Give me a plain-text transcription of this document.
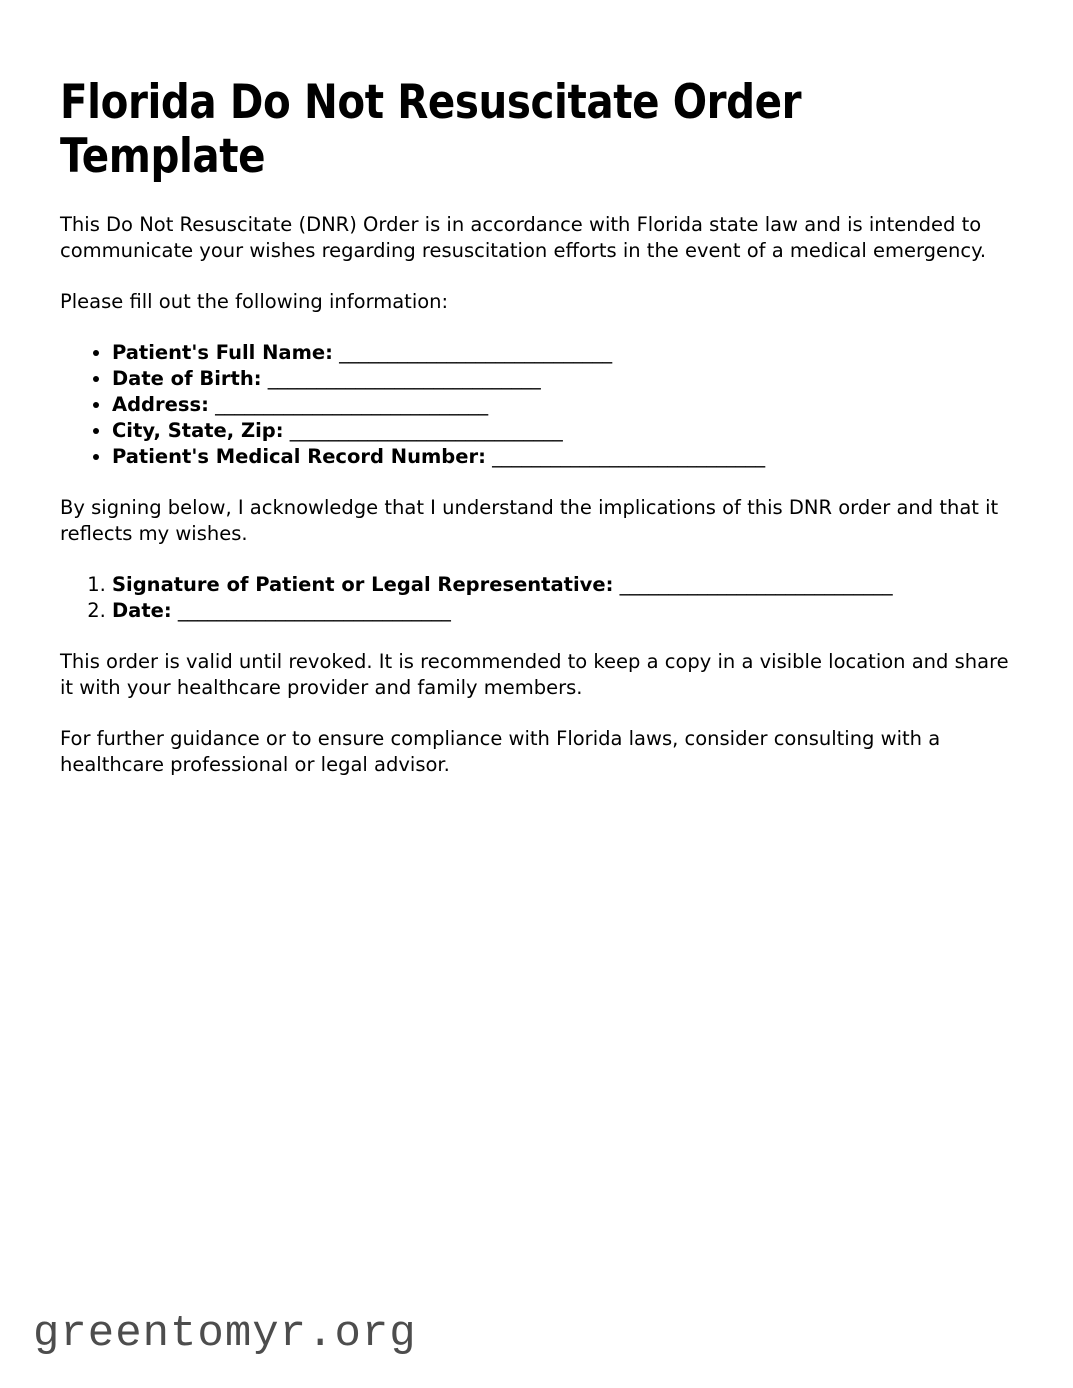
Florida Do Not Resuscitate Order
Template

This Do Not Resuscitate (DNR) Order is in accordance with Florida state law and is intended to communicate your wishes regarding resuscitation efforts in the event of a medical emergency.

Please fill out the following information:

• Patient's Full Name: ____________________________
• Date of Birth: ____________________________
• Address: ____________________________
• City, State, Zip: ____________________________
• Patient's Medical Record Number: ____________________________

By signing below, I acknowledge that I understand the implications of this DNR order and that it reflects my wishes.

1. Signature of Patient or Legal Representative: ____________________________
2. Date: ____________________________

This order is valid until revoked. It is recommended to keep a copy in a visible location and share it with your healthcare provider and family members.

For further guidance or to ensure compliance with Florida laws, consider consulting with a healthcare professional or legal advisor.

greentomyr.org
